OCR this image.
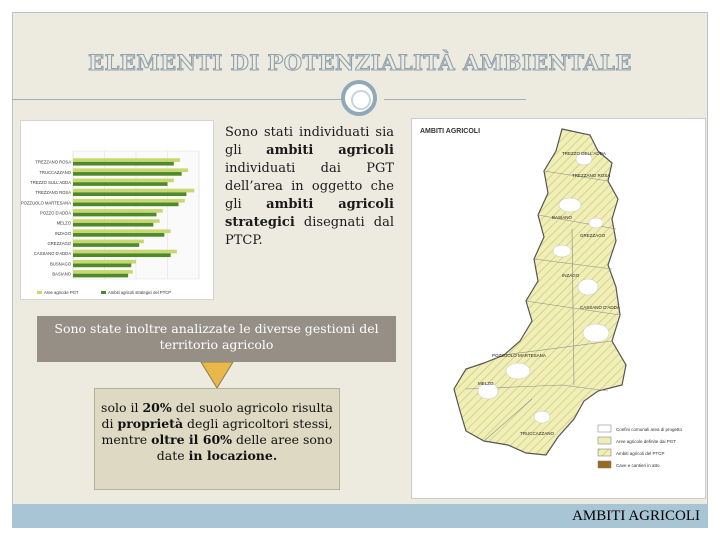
ELEMENTI DI POTENZIALITÀ AMBIENTALE
TREZZANO ROSA
TRUCCAZZANO
TREZZO SULL'ADDA
TREZZANO ROSA
POZZUOLO MARTESANA
POZZO D'ADDA
MELZO
INZAGO
GREZZAGO
CASSANO D'ADDA
BUSNAGO
BASIANO
Aree agricole PGT	Ambiti agricoli strategici del PTCP
Sono stati individuati sia gli ambiti agricoli individuati dai PGT dell’area in oggetto che gli ambiti agricoli strategici disegnati dal PTCP.
Sono state inoltre analizzate le diverse gestioni del territorio agricolo
solo il 20% del suolo agricolo risulta di proprietà degli agricoltori stessi, mentre oltre il 60% delle aree sono date in locazione.
AMBITI AGRICOLI
TREZZO DELL'ADDA
TREZZANO ROSA
BASIANO
GREZZAGO
INZAGO
CASSANO D'ADDA
POZZUOLO MARTESANA
MELZO
TRUCCAZZANO
Confini comunali area di progetto
Aree agricole definite dai PGT
Ambiti agricoli del PTCP
Cave e cantieri in atto
AMBITI AGRICOLI
